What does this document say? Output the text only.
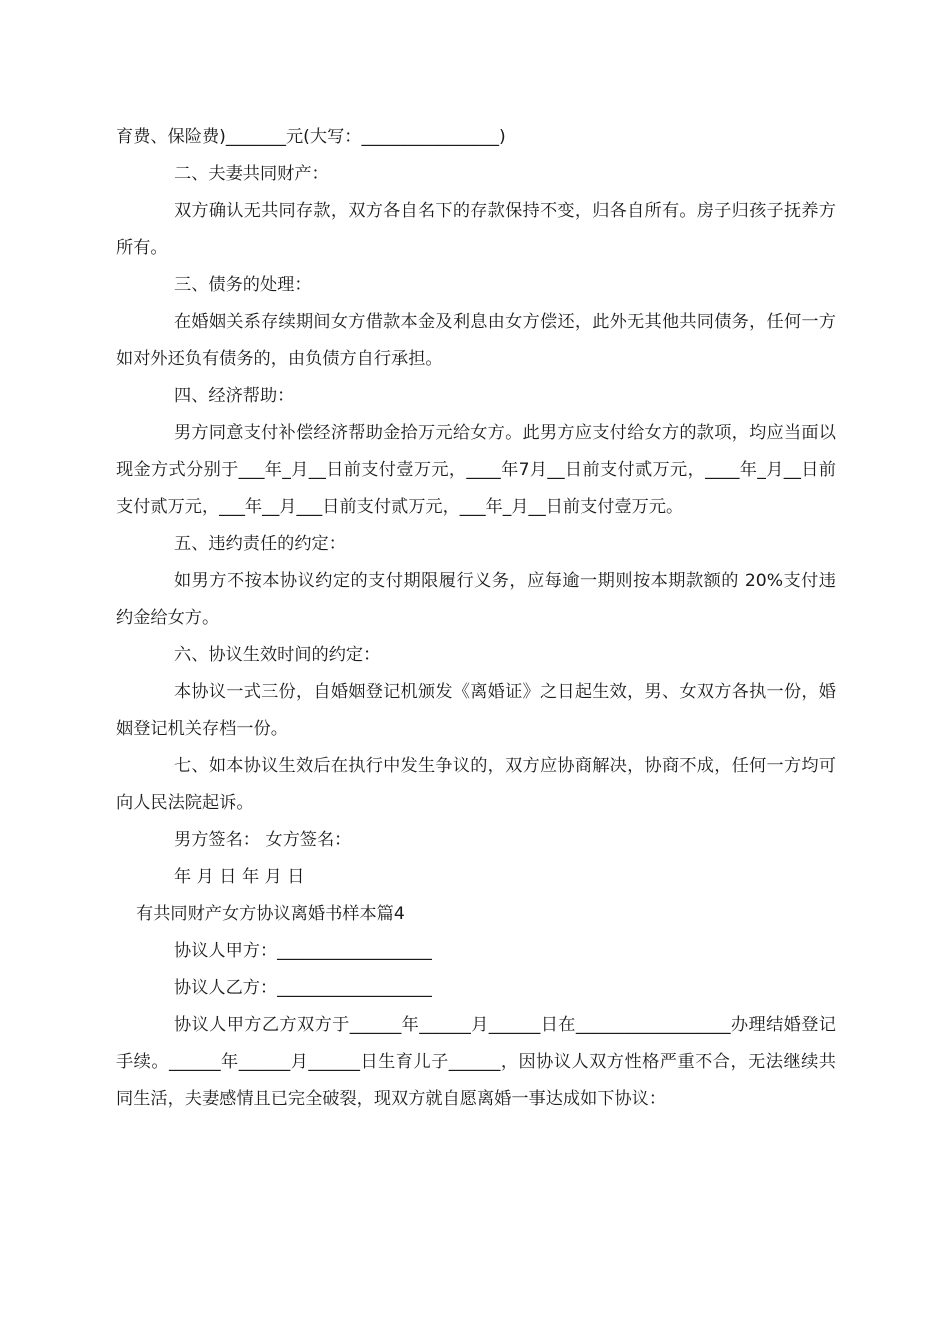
育费、保险费)_______元(大写：________________)

二、夫妻共同财产：

双方确认无共同存款，双方各自名下的存款保持不变，归各自所有。房子归孩子抚养方所有。

三、债务的处理：

在婚姻关系存续期间女方借款本金及利息由女方偿还，此外无其他共同债务，任何一方如对外还负有债务的，由负债方自行承担。

四、经济帮助：

男方同意支付补偿经济帮助金拾万元给女方。此男方应支付给女方的款项，均应当面以现金方式分别于___年_月__日前支付壹万元，____年7月__日前支付贰万元，____年_月__日前支付贰万元，___年__月___日前支付贰万元，___年_月__日前支付壹万元。

五、违约责任的约定：

如男方不按本协议约定的支付期限履行义务，应每逾一期则按本期款额的 20%支付违约金给女方。

六、协议生效时间的约定：

本协议一式三份，自婚姻登记机颁发《离婚证》之日起生效，男、女双方各执一份，婚姻登记机关存档一份。

七、如本协议生效后在执行中发生争议的，双方应协商解决，协商不成，任何一方均可向人民法院起诉。

男方签名： 女方签名：

年 月 日 年 月 日

有共同财产女方协议离婚书样本篇4

协议人甲方：__________________

协议人乙方：__________________

协议人甲方乙方双方于______年______月______日在__________________办理结婚登记手续。______年______月______日生育儿子______，因协议人双方性格严重不合，无法继续共同生活，夫妻感情且已完全破裂，现双方就自愿离婚一事达成如下协议：
